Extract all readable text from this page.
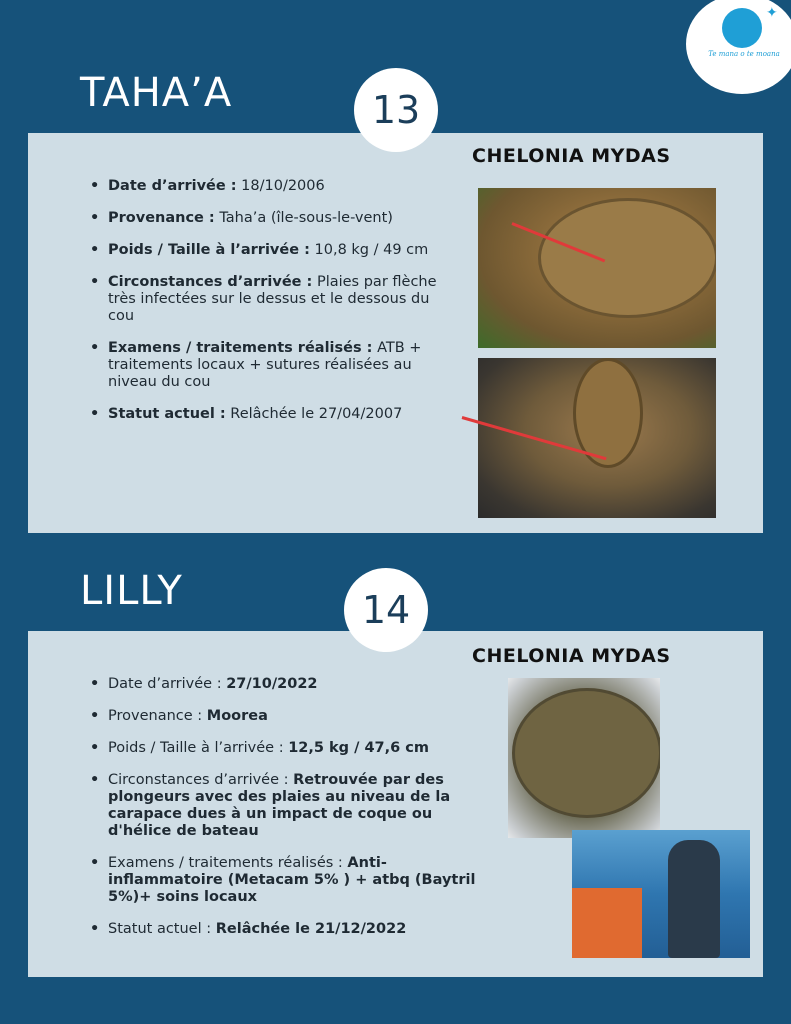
✦
Te mana o te moana
TAHA’A	13
CHELONIA MYDAS
• Date d’arrivée : 18/10/2006
• Provenance : Taha’a (île-sous-le-vent)
• Poids / Taille à l’arrivée : 10,8 kg / 49 cm
• Circonstances d’arrivée : Plaies par flèche très infectées sur le dessus et le dessous du cou
• Examens / traitements réalisés : ATB + traitements locaux + sutures réalisées au niveau du cou
• Statut actuel : Relâchée le 27/04/2007
LILLY	14
CHELONIA MYDAS
• Date d’arrivée : 27/10/2022
• Provenance : Moorea
• Poids / Taille à l’arrivée : 12,5 kg / 47,6 cm
• Circonstances d’arrivée : Retrouvée par des plongeurs avec des plaies au niveau de la carapace dues à un impact de coque ou d'hélice de bateau
• Examens / traitements réalisés : Anti-inflammatoire (Metacam 5% ) + atbq (Baytril 5%)+ soins locaux
• Statut actuel : Relâchée le 21/12/2022
